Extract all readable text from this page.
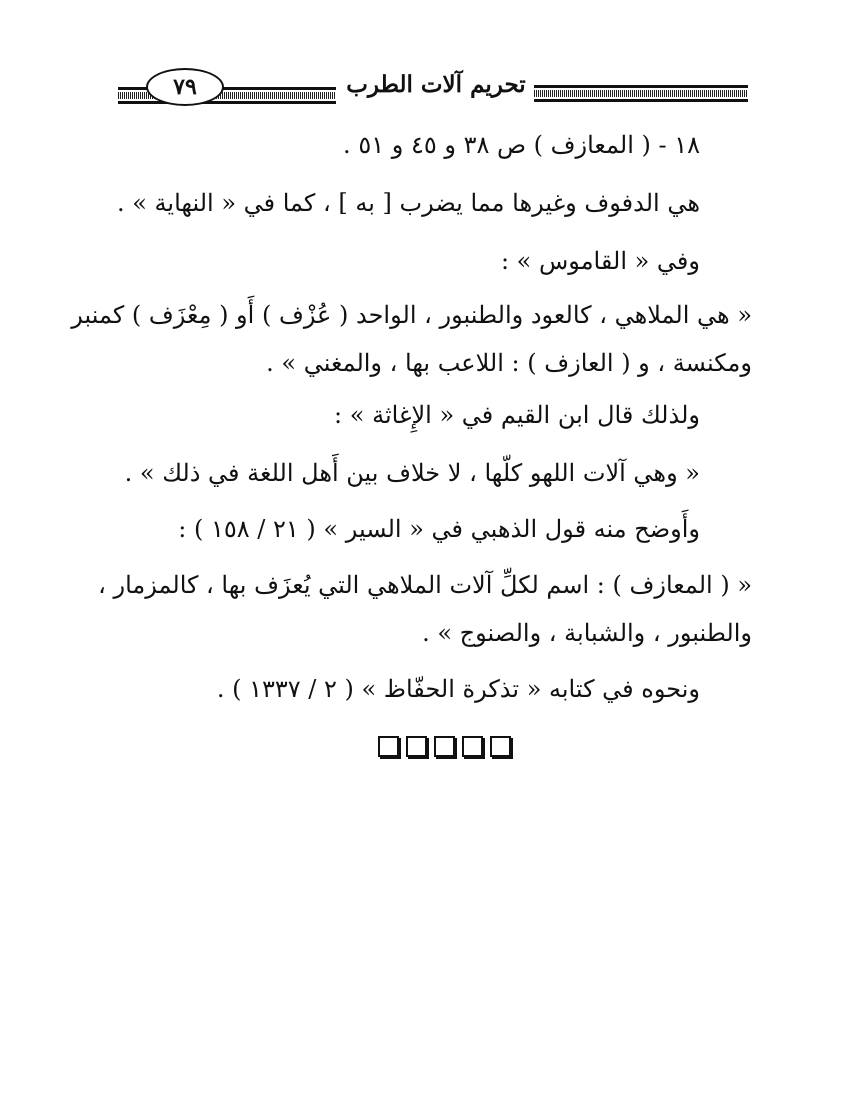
٧٩	تحريم آلات الطرب
١٨ - ( المعازف ) ص ٣٨ و ٤٥ و ٥١ .
هي الدفوف وغيرها مما يضرب [ به ] ، كما في « النهاية » .
وفي « القاموس » :
« هي الملاهي ، كالعود والطنبور ، الواحد ( عُزْف ) أَو ( مِعْزَف ) كمنبر
ومكنسة ، و ( العازف ) : اللاعب بها ، والمغني » .
ولذلك قال ابن القيم في « الإِغاثة » :
« وهي آلات اللهو كلّها ، لا خلاف بين أَهل اللغة في ذلك » .
وأَوضح منه قول الذهبي في « السير » ( ٢١ / ١٥٨ ) :
« ( المعازف ) : اسم لكلِّ آلات الملاهي التي يُعزَف بها ، كالمزمار ،
والطنبور ، والشبابة ، والصنوج » .
ونحوه في كتابه « تذكرة الحفّاظ » ( ٢ / ١٣٣٧ ) .
